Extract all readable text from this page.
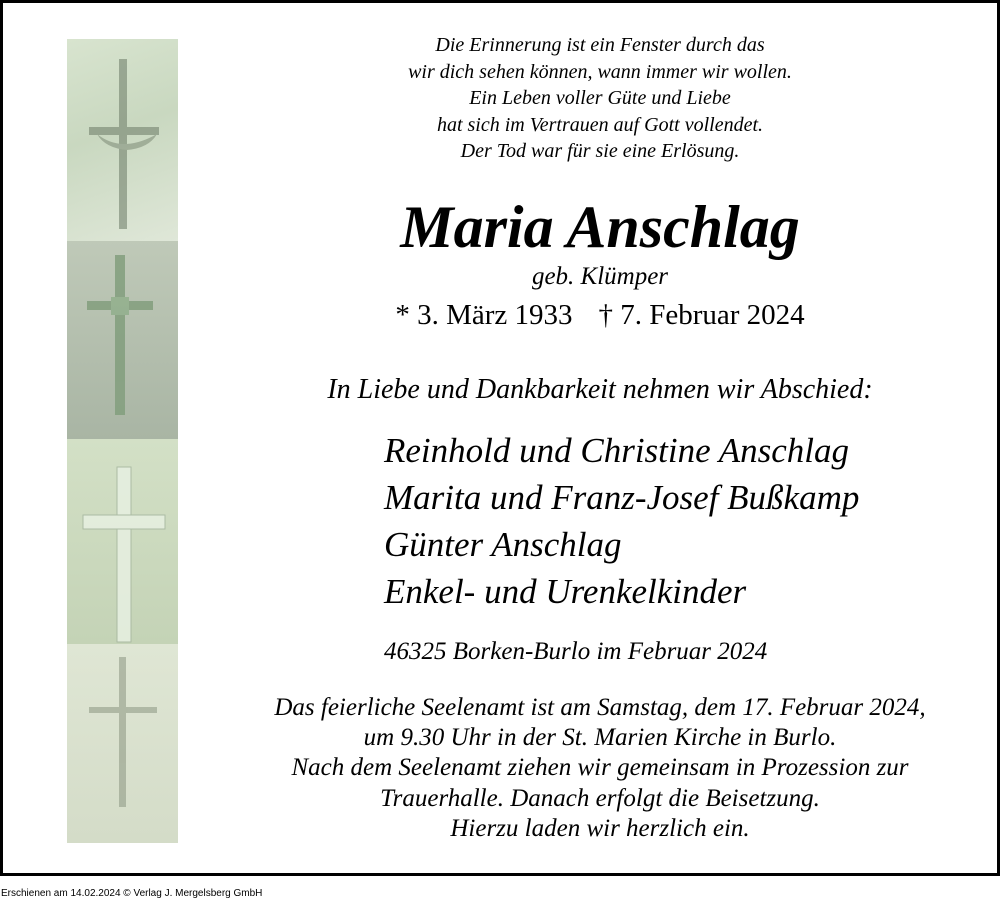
Die Erinnerung ist ein Fenster durch das
wir dich sehen können, wann immer wir wollen.
Ein Leben voller Güte und Liebe
hat sich im Vertrauen auf Gott vollendet.
Der Tod war für sie eine Erlösung.
Maria Anschlag
geb. Klümper
* 3. März 1933 † 7. Februar 2024
In Liebe und Dankbarkeit nehmen wir Abschied:
Reinhold und Christine Anschlag
Marita und Franz-Josef Bußkamp
Günter Anschlag
Enkel- und Urenkelkinder
46325 Borken-Burlo im Februar 2024
Das feierliche Seelenamt ist am Samstag, dem 17. Februar 2024,
um 9.30 Uhr in der St. Marien Kirche in Burlo.
Nach dem Seelenamt ziehen wir gemeinsam in Prozession zur
Trauerhalle. Danach erfolgt die Beisetzung.
Hierzu laden wir herzlich ein.
Erschienen am 14.02.2024 © Verlag J. Mergelsberg GmbH
